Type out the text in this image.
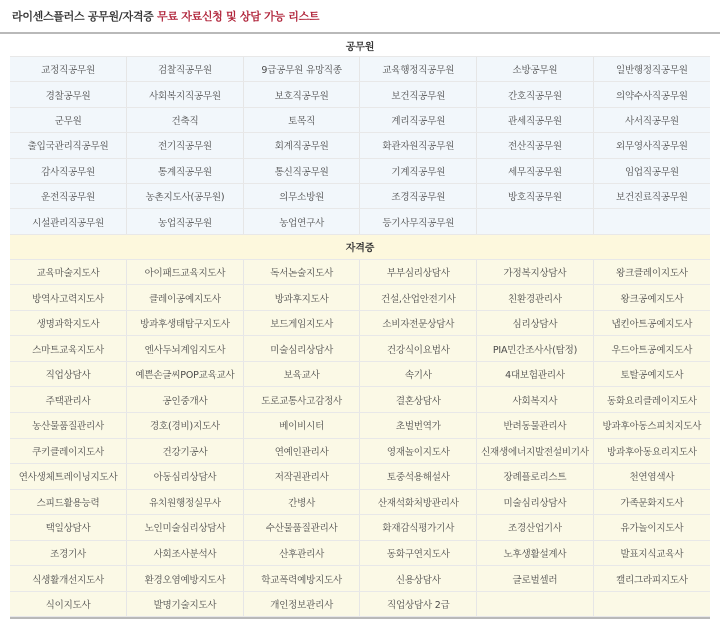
라이센스플러스 공무원/자격증 무료 자료신청 및 상담 가능 리스트
공무원					
교정직공무원	검찰직공무원	9급공무원 유망직종	교육행정직공무원	소방공무원	일반행정직공무원
경찰공무원	사회복지직공무원	보호직공무원	보건직공무원	간호직공무원	의약수사직공무원
군무원	건축직	토목직	계리직공무원	관세직공무원	사서직공무원
출입국관리직공무원	전기직공무원	회계직공무원	화관자원직공무원	전산직공무원	외무영사직공무원
감사직공무원	통계직공무원	통신직공무원	기계직공무원	세무직공무원	임업직공무원
운전직공무원	농촌지도사(공무원)	의무소방원	조경직공무원	방호직공무원	보건진료직공무원
시설관리직공무원	농업직공무원	농업연구사	등기사무직공무원		
자격증					
교육마술지도사	아이패드교육지도사	독서논술지도사	부부심리상담사	가정복지상담사	왕크클레이지도사
방역사고력지도사	클레이공예지도사	방과후지도사	건설,산업안전기사	친환경관리사	왕크공예지도사
생명과학지도사	방과후생태탐구지도사	보드게임지도사	소비자전문상담사	심리상담사	냅킨아트공예지도사
스마트교육지도사	엔사두뇌계임지도사	미술심리상담사	건강식이요법사	PIA민간조사사(탐정)	우드아트공예지도사
직업상담사	예쁜손글씨POP교육교사	보육교사	속기사	4대보험관리사	토탈공예지도사
주택관리사	공인중개사	도로교통사고감정사	결혼상담사	사회복지사	동화요리클레이지도사
농산물품질관리사	경호(경비)지도사	베이비시터	초벌번역가	반려동물관리사	방과후아동스피치지도사
쿠키클레이지도사	건강기공사	연예인관리사	영재놀이지도사	신재생에너지발전설비기사	방과후아동요리지도사
연사생체트레이닝지도사	아동심리상담사	저작권관리사	토중석용해설사	장례플로리스트	천연염색사
스피드활용능력	유치원행정실무사	간병사	산재석화처방관리사	미술심리상담사	가족문화지도사
택일상담사	노인미술심리상담사	수산물품질관리사	화재감식평가기사	조경산업기사	유가놀이지도사
조경기사	사회조사분석사	산후관리사	동화구연지도사	노후생활설계사	발표지식교육사
식생활개선지도사	환경오염예방지도사	학교폭력예방지도사	신용상담사	글로벌셀러	캘리그라피지도사
식이지도사	발명기술지도사	개인정보관리사	직업상담사 2급		
